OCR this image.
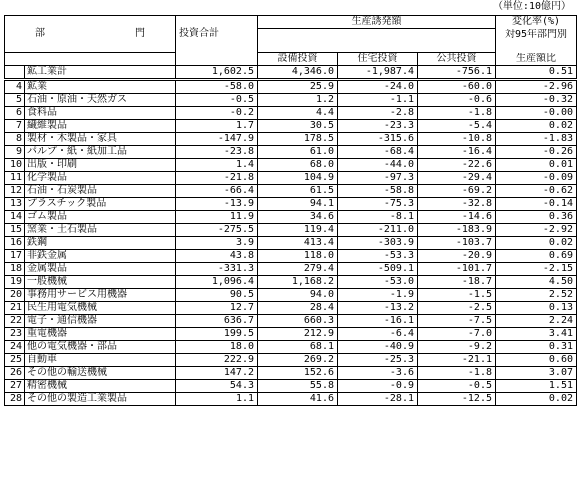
（単位:10億円）
部 門		投資合計	生産誘発額			変化率(%)
						対95年部門別

			設備投資	住宅投資	公共投資	生産額比
	鉱工業計	1,602.5	4,346.0	-1,987.4	-756.1	0.51
4	鉱業	-58.0	25.9	-24.0	-60.0	-2.96
5	石油・原油・天然ガス	-0.5	1.2	-1.1	-0.6	-0.32
6	食料品	-0.2	4.4	-2.8	-1.8	-0.00
7	繊維製品	1.7	30.5	-23.3	-5.4	0.02
8	製材・木製品・家具	-147.9	178.5	-315.6	-10.8	-1.83
9	パルプ・紙・紙加工品	-23.8	61.0	-68.4	-16.4	-0.26
10	出版・印刷	1.4	68.0	-44.0	-22.6	0.01
11	化学製品	-21.8	104.9	-97.3	-29.4	-0.09
12	石油・石炭製品	-66.4	61.5	-58.8	-69.2	-0.62
13	プラスチック製品	-13.9	94.1	-75.3	-32.8	-0.14
14	ゴム製品	11.9	34.6	-8.1	-14.6	0.36
15	窯業・土石製品	-275.5	119.4	-211.0	-183.9	-2.92
16	鉄鋼	3.9	413.4	-303.9	-103.7	0.02
17	非鉄金属	43.8	118.0	-53.3	-20.9	0.69
18	金属製品	-331.3	279.4	-509.1	-101.7	-2.15
19	一般機械	1,096.4	1,168.2	-53.0	-18.7	4.50
20	事務用サービス用機器	90.5	94.0	-1.9	-1.5	2.52
21	民生用電気機械	12.7	28.4	-13.2	-2.5	0.13
22	電子・通信機器	636.7	660.3	-16.1	-7.5	2.24
23	重電機器	199.5	212.9	-6.4	-7.0	3.41
24	他の電気機器・部品	18.0	68.1	-40.9	-9.2	0.31
25	自動車	222.9	269.2	-25.3	-21.1	0.60
26	その他の輸送機械	147.2	152.6	-3.6	-1.8	3.07
27	精密機械	54.3	55.8	-0.9	-0.5	1.51
28	その他の製造工業製品	1.1	41.6	-28.1	-12.5	0.02
